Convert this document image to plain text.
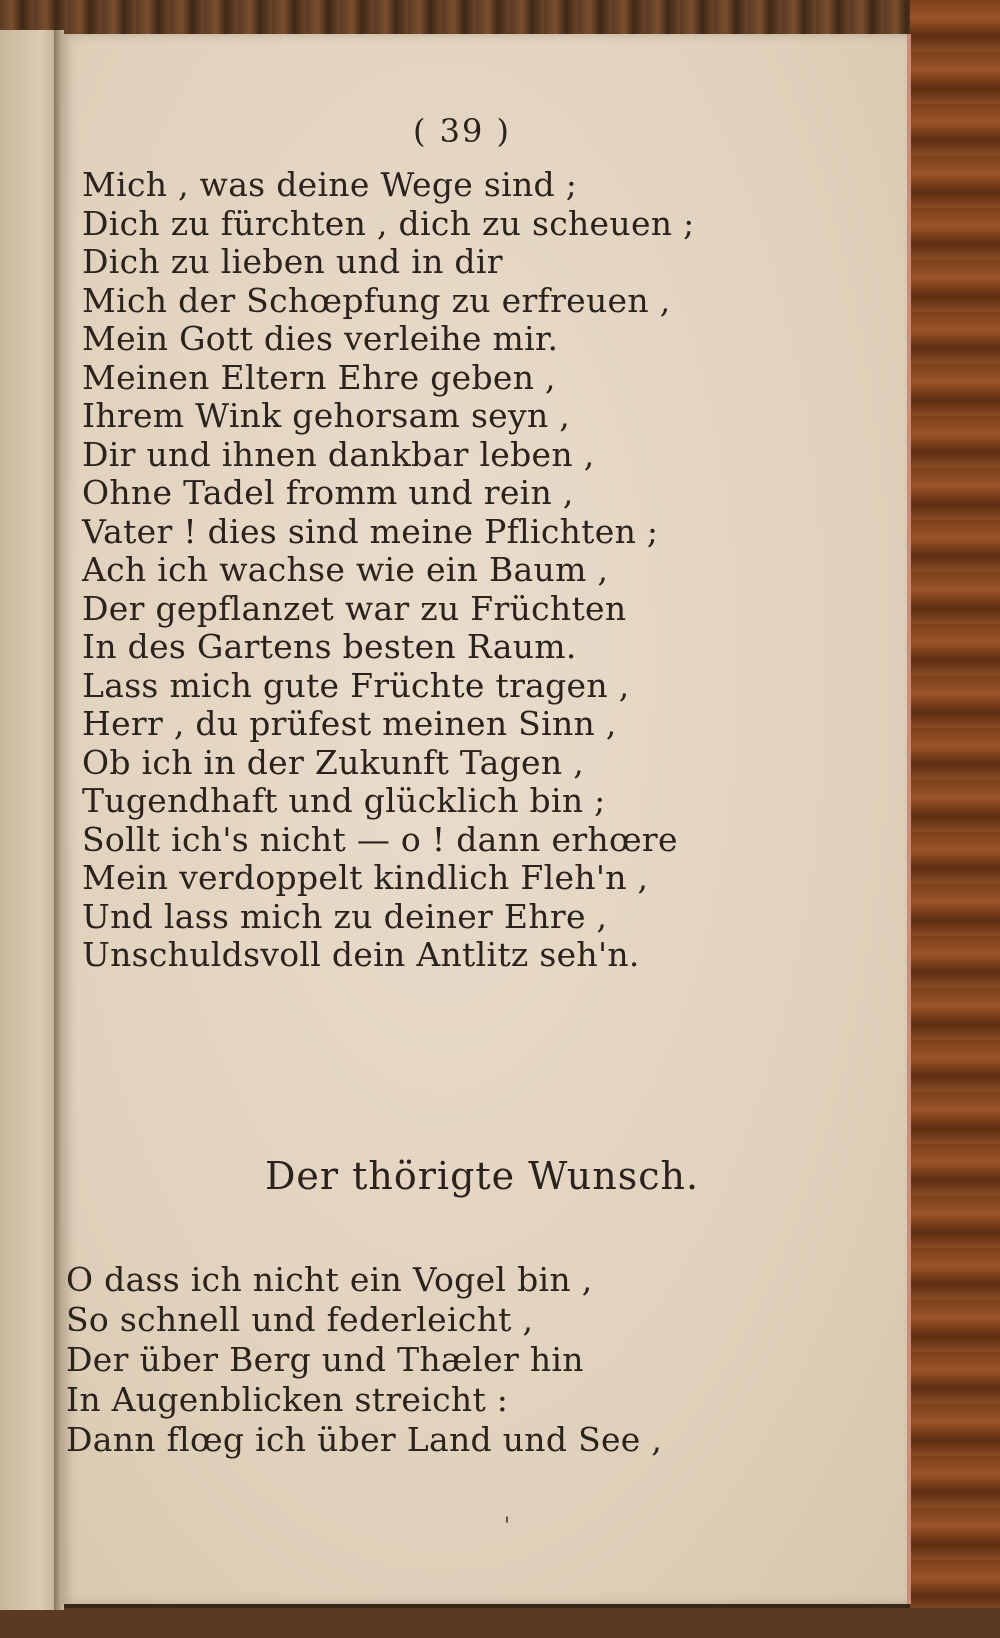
( 39 )
Mich , was deine Wege sind ;
Dich zu fürchten , dich zu scheuen ;
Dich zu lieben und in dir
Mich der Schœpfung zu erfreuen ,
Mein Gott dies verleihe mir.
Meinen Eltern Ehre geben ,
Ihrem Wink gehorsam seyn ,
Dir und ihnen dankbar leben ,
Ohne Tadel fromm und rein ,
Vater ! dies sind meine Pflichten ;
Ach ich wachse wie ein Baum ,
Der gepflanzet war zu Früchten
In des Gartens besten Raum.
Lass mich gute Früchte tragen ,
Herr , du prüfest meinen Sinn ,
Ob ich in der Zukunft Tagen ,
Tugendhaft und glücklich bin ;
Sollt ich's nicht — o ! dann erhœre
Mein verdoppelt kindlich Fleh'n ,
Und lass mich zu deiner Ehre ,
Unschuldsvoll dein Antlitz seh'n.
Der thörigte Wunsch.
O dass ich nicht ein Vogel bin ,
So schnell und federleicht ,
Der über Berg und Thæler hin
In Augenblicken streicht :
Dann flœg ich über Land und See ,
'
